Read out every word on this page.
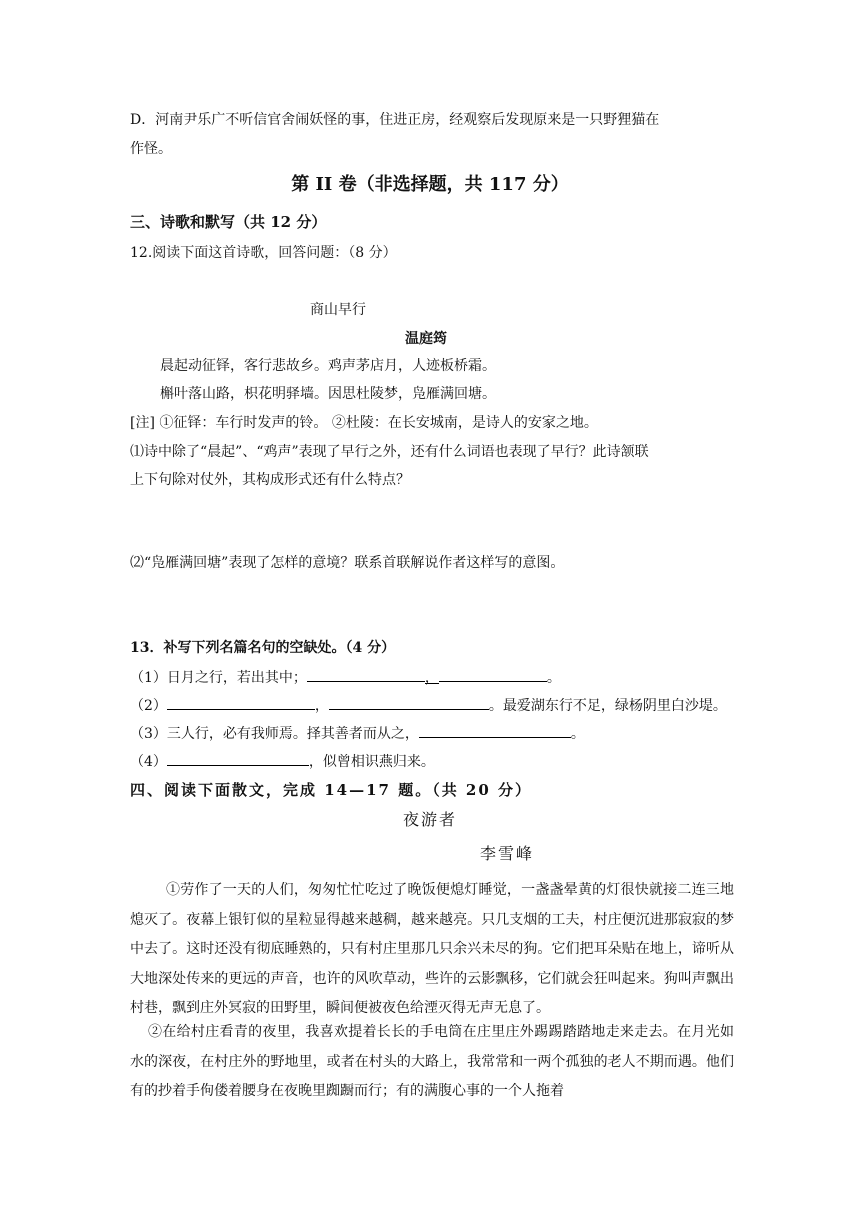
D．河南尹乐广不听信官舍闹妖怪的事，住进正房，经观察后发现原来是一只野狸猫在
作怪。
第 II 卷（非选择题，共 117 分）
三、诗歌和默写（共 12 分）
12.阅读下面这首诗歌，回答问题：（8 分）
商山早行
温庭筠
晨起动征铎，客行悲故乡。鸡声茅店月，人迹板桥霜。
槲叶落山路，枳花明驿墙。因思杜陵梦，凫雁满回塘。
[注] ①征铎：车行时发声的铃。 ②杜陵：在长安城南，是诗人的安家之地。
⑴诗中除了“晨起”、“鸡声”表现了早行之外，还有什么词语也表现了早行？此诗颔联
上下句除对仗外，其构成形式还有什么特点？
⑵“凫雁满回塘”表现了怎样的意境？联系首联解说作者这样写的意图。
13．补写下列名篇名句的空缺处。（4 分）
（1）日月之行，若出其中；	，	。
（2）	，	。最爱湖东行不足，绿杨阴里白沙堤。
（3）三人行，必有我师焉。择其善者而从之，	。
（4）	，似曾相识燕归来。
四、阅读下面散文，完成 14—17 题。（共 20 分）
夜游者
李雪峰
①劳作了一天的人们，匆匆忙忙吃过了晚饭便熄灯睡觉，一盏盏晕黄的灯很快就接二连三地熄灭了。夜幕上银钉似的星粒显得越来越稠，越来越亮。只几支烟的工夫，村庄便沉进那寂寂的梦中去了。这时还没有彻底睡熟的，只有村庄里那几只余兴未尽的狗。它们把耳朵贴在地上，谛听从大地深处传来的更远的声音，也许的风吹草动，些许的云影飘移，它们就会狂叫起来。狗叫声飘出村巷，飘到庄外冥寂的田野里，瞬间便被夜色给湮灭得无声无息了。
②在给村庄看青的夜里，我喜欢提着长长的手电筒在庄里庄外踢踢踏踏地走来走去。在月光如水的深夜，在村庄外的野地里，或者在村头的大路上，我常常和一两个孤独的老人不期而遇。他们有的抄着手佝偻着腰身在夜晚里踟蹰而行；有的满腹心事的一个人拖着
